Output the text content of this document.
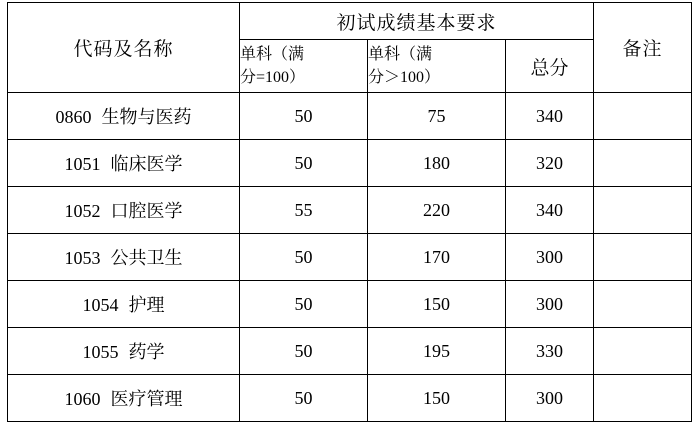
代码及名称	初试成绩基本要求			备注

	单科（满
分=100）	单科（满
分＞100）	总分	
0860 生物与医药	50	75	340	
1051 临床医学	50	180	320	
1052 口腔医学	55	220	340	
1053 公共卫生	50	170	300	
1054 护理	50	150	300	
1055 药学	50	195	330	
1060 医疗管理	50	150	300	
